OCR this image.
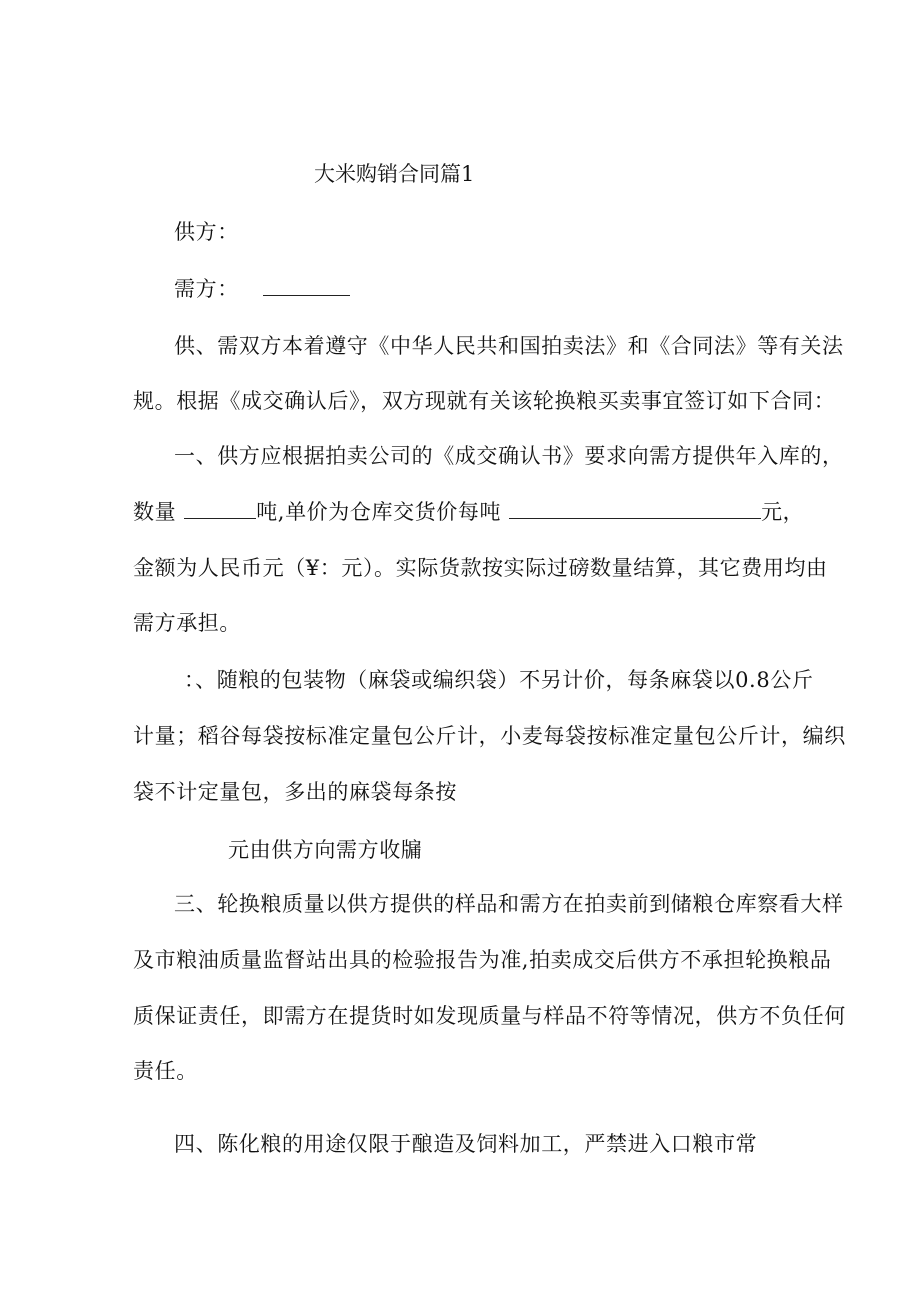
大米购销合同篇1
供方：
需方：
供、需双方本着遵守《中华人民共和国拍卖法》和《合同法》等有关法
规。根据《成交确认后》，双方现就有关该轮换粮买卖事宜签订如下合同：
一、供方应根据拍卖公司的《成交确认书》要求向需方提供年入库的，
数量	吨,单价为仓库交货价每吨	元，
金额为人民币元（¥：元）。实际货款按实际过磅数量结算，其它费用均由
需方承担。
：、随粮的包装物（麻袋或编织袋）不另计价，每条麻袋以0.8公斤
计量；稻谷每袋按标准定量包公斤计，小麦每袋按标准定量包公斤计，编织
袋不计定量包，多出的麻袋每条按
元由供方向需方收牖
三、轮换粮质量以供方提供的样品和需方在拍卖前到储粮仓库察看大样
及市粮油质量监督站出具的检验报告为准,拍卖成交后供方不承担轮换粮品
质保证责任，即需方在提货时如发现质量与样品不符等情况，供方不负任何
责任。
四、陈化粮的用途仅限于酿造及饲料加工，严禁进入口粮市常
